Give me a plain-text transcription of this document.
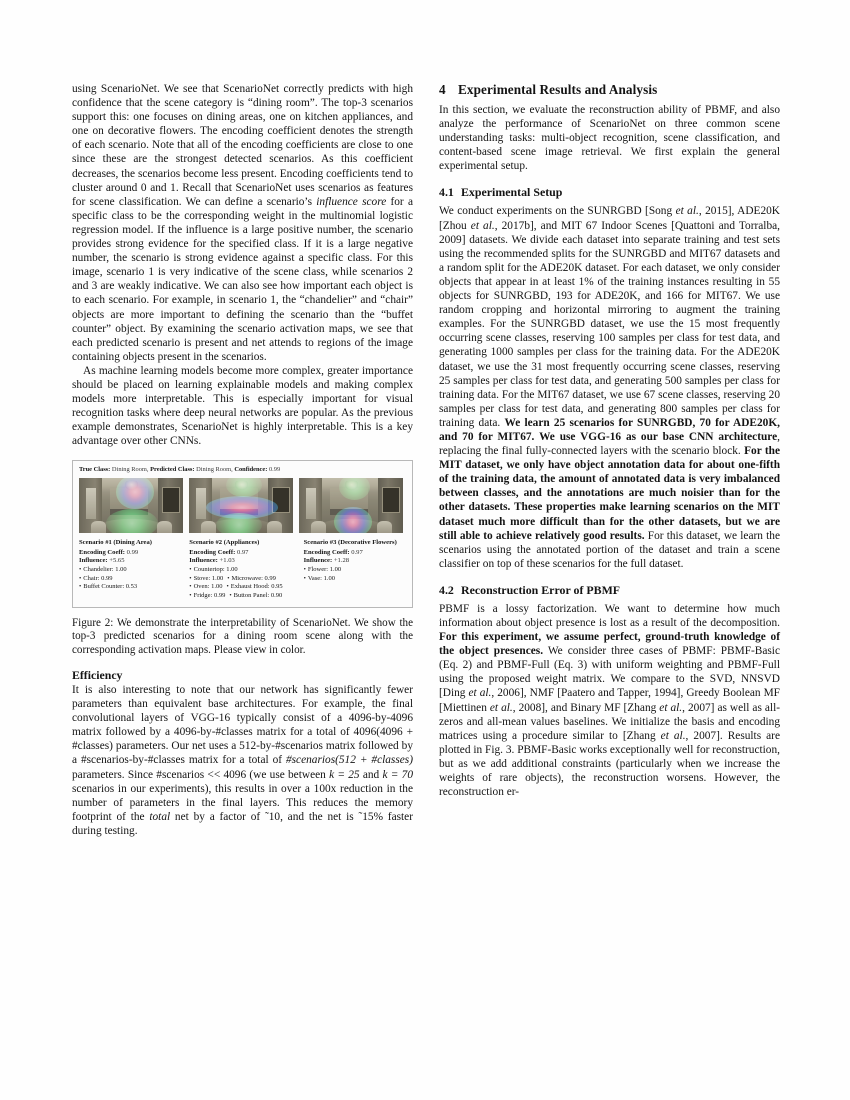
using ScenarioNet. We see that ScenarioNet correctly predicts with high confidence that the scene category is “dining room”. The top-3 scenarios support this: one focuses on dining areas, one on kitchen appliances, and one on decorative flowers. The encoding coefficient denotes the strength of each scenario. Note that all of the encoding coefficients are close to one since these are the strongest detected scenarios. As this coefficient decreases, the scenarios become less present. Encoding coefficients tend to cluster around 0 and 1. Recall that ScenarioNet uses scenarios as features for scene classification. We can define a scenario’s influence score for a specific class to be the corresponding weight in the multinomial logistic regression model. If the influence is a large positive number, the scenario provides strong evidence for the specified class. If it is a large negative number, the scenario is strong evidence against a specific class. For this image, scenario 1 is very indicative of the scene class, while scenarios 2 and 3 are weakly indicative. We can also see how important each object is to each scenario. For example, in scenario 1, the “chandelier” and “chair” objects are more important to defining the scenario than the “buffet counter” object. By examining the scenario activation maps, we see that each predicted scenario is present and net attends to regions of the image containing objects present in the scenarios.

As machine learning models become more complex, greater importance should be placed on learning explainable models and making complex models more interpretable. This is especially important for visual recognition tasks where deep neural networks are popular. As the previous example demonstrates, ScenarioNet is highly interpretable. This is a key advantage over other CNNs.

True Class: Dining Room, Predicted Class: Dining Room, Confidence: 0.99
Scenario #1 (Dining Area)
Encoding Coeff: 0.99
Influence: +5.65
• Chandelier: 1.00
• Chair: 0.99
• Buffet Counter: 0.53
Scenario #2 (Appliances)
Encoding Coeff: 0.97
Influence: +1.03
• Countertop: 1.00
• Stove: 1.00 • Microwave: 0.99
• Oven: 1.00 • Exhaust Hood: 0.95
• Fridge: 0.99 • Button Panel: 0.90
Scenario #3 (Decorative Flowers)
Encoding Coeff: 0.97
Influence: +1.28
• Flower: 1.00
• Vase: 1.00
Figure 2: We demonstrate the interpretability of ScenarioNet. We show the top-3 predicted scenarios for a dining room scene along with the corresponding activation maps. Please view in color.
Efficiency

It is also interesting to note that our network has significantly fewer parameters than equivalent base architectures. For example, the final convolutional layers of VGG-16 typically consist of a 4096-by-4096 matrix followed by a 4096-by-#classes matrix for a total of 4096(4096 + #classes) parameters. Our net uses a 512-by-#scenarios matrix followed by a #scenarios-by-#classes matrix for a total of #scenarios(512 + #classes) parameters. Since #scenarios << 4096 (we use between k = 25 and k = 70 scenarios in our experiments), this results in over a 100x reduction in the number of parameters in the final layers. This reduces the memory footprint of the total net by a factor of ˜10, and the net is ˜15% faster during testing.

4 Experimental Results and Analysis

In this section, we evaluate the reconstruction ability of PBMF, and also analyze the performance of ScenarioNet on three common scene understanding tasks: multi-object recognition, scene classification, and content-based scene image retrieval. We first explain the general experimental setup.

4.1 Experimental Setup

We conduct experiments on the SUNRGBD [Song et al., 2015], ADE20K [Zhou et al., 2017b], and MIT 67 Indoor Scenes [Quattoni and Torralba, 2009] datasets. We divide each dataset into separate training and test sets using the recommended splits for the SUNRGBD and MIT67 datasets and a random split for the ADE20K dataset. For each dataset, we only consider objects that appear in at least 1% of the training instances resulting in 55 objects for SUNRGBD, 193 for ADE20K, and 166 for MIT67. We use random cropping and horizontal mirroring to augment the training examples. For the SUNRGBD dataset, we use the 15 most frequently occurring scene classes, reserving 100 samples per class for test data, and generating 1000 samples per class for the training data. For the ADE20K dataset, we use the 31 most frequently occurring scene classes, reserving 25 samples per class for test data, and generating 500 samples per class for training data. For the MIT67 dataset, we use 67 scene classes, reserving 20 samples per class for test data, and generating 800 samples per class for training data. We learn 25 scenarios for SUNRGBD, 70 for ADE20K, and 70 for MIT67. We use VGG-16 as our base CNN architecture, replacing the final fully-connected layers with the scenario block. For the MIT dataset, we only have object annotation data for about one-fifth of the training data, the amount of annotated data is very imbalanced between classes, and the annotations are much noisier than for the other datasets. These properties make learning scenarios on the MIT dataset much more difficult than for the other datasets, but we are still able to achieve relatively good results. For this dataset, we learn the scenarios using the annotated portion of the dataset and train a scene classifier on top of these scenarios for the full dataset.

4.2 Reconstruction Error of PBMF

PBMF is a lossy factorization. We want to determine how much information about object presence is lost as a result of the decomposition. For this experiment, we assume perfect, ground-truth knowledge of the object presences. We consider three cases of PBMF: PBMF-Basic (Eq. 2) and PBMF-Full (Eq. 3) with uniform weighting and PBMF-Full using the proposed weight matrix. We compare to the SVD, NNSVD [Ding et al., 2006], NMF [Paatero and Tapper, 1994], Greedy Boolean MF [Miettinen et al., 2008], and Binary MF [Zhang et al., 2007] as well as all-zeros and all-mean values baselines. We initialize the basis and encoding matrices using a procedure similar to [Zhang et al., 2007]. Results are plotted in Fig. 3. PBMF-Basic works exceptionally well for reconstruction, but as we add additional constraints (particularly when we increase the weights of rare objects), the reconstruction worsens. However, the reconstruction er-
